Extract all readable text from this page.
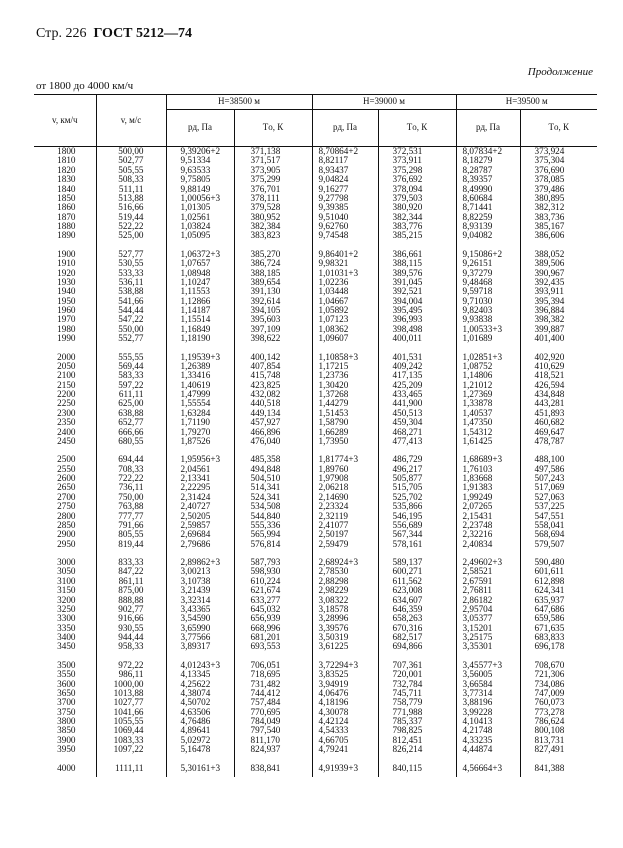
Стр. 226 ГОСТ 5212—74
Продолжение
от 1800 до 4000 км/ч
v, км/ч	v, м/с	H=38500 м		H=39000 м		H=39500 м	
		pд, Па	Tо, К	pд, Па	Tо, К	pд, Па	Tо, К
1800	500,00	9,39206+2	371,138	8,70864+2	372,531	8,07834+2	373,924
1810	502,77	9,51334	371,517	8,82117	373,911	8,18279	375,304
1820	505,55	9,63533	373,905	8,93437	375,298	8,28787	376,690
1830	508,33	9,75805	375,299	9,04824	376,692	8,39357	378,085
1840	511,11	9,88149	376,701	9,16277	378,094	8,49990	379,486
1850	513,88	1,00056+3	378,111	9,27798	379,503	8,60684	380,895
1860	516,66	1,01305	379,528	9,39385	380,920	8,71441	382,312
1870	519,44	1,02561	380,952	9,51040	382,344	8,82259	383,736
1880	522,22	1,03824	382,384	9,62760	383,776	8,93139	385,167
1890	525,00	1,05095	383,823	9,74548	385,215	9,04082	386,606

1900	527,77	1,06372+3	385,270	9,86401+2	386,661	9,15086+2	388,052
1910	530,55	1,07657	386,724	9,98321	388,115	9,26151	389,506
1920	533,33	1,08948	388,185	1,01031+3	389,576	9,37279	390,967
1930	536,11	1,10247	389,654	1,02236	391,045	9,48468	392,435
1940	538,88	1,11553	391,130	1,03448	392,521	9,59718	393,911
1950	541,66	1,12866	392,614	1,04667	394,004	9,71030	395,394
1960	544,44	1,14187	394,105	1,05892	395,495	9,82403	396,884
1970	547,22	1,15514	395,603	1,07123	396,993	9,93838	398,382
1980	550,00	1,16849	397,109	1,08362	398,498	1,00533+3	399,887
1990	552,77	1,18190	398,622	1,09607	400,011	1,01689	401,400

2000	555,55	1,19539+3	400,142	1,10858+3	401,531	1,02851+3	402,920
2050	569,44	1,26389	407,854	1,17215	409,242	1,08752	410,629
2100	583,33	1,33416	415,748	1,23736	417,135	1,14806	418,521
2150	597,22	1,40619	423,825	1,30420	425,209	1,21012	426,594
2200	611,11	1,47999	432,082	1,37268	433,465	1,27369	434,848
2250	625,00	1,55554	440,518	1,44279	441,900	1,33878	443,281
2300	638,88	1,63284	449,134	1,51453	450,513	1,40537	451,893
2350	652,77	1,71190	457,927	1,58790	459,304	1,47350	460,682
2400	666,66	1,79270	466,896	1,66289	468,271	1,54312	469,647
2450	680,55	1,87526	476,040	1,73950	477,413	1,61425	478,787

2500	694,44	1,95956+3	485,358	1,81774+3	486,729	1,68689+3	488,100
2550	708,33	2,04561	494,848	1,89760	496,217	1,76103	497,586
2600	722,22	2,13341	504,510	1,97908	505,877	1,83668	507,243
2650	736,11	2,22295	514,341	2,06218	515,705	1,91383	517,069
2700	750,00	2,31424	524,341	2,14690	525,702	1,99249	527,063
2750	763,88	2,40727	534,508	2,23324	535,866	2,07265	537,225
2800	777,77	2,50205	544,840	2,32119	546,195	2,15431	547,551
2850	791,66	2,59857	555,336	2,41077	556,689	2,23748	558,041
2900	805,55	2,69684	565,994	2,50197	567,344	2,32216	568,694
2950	819,44	2,79686	576,814	2,59479	578,161	2,40834	579,507

3000	833,33	2,89862+3	587,793	2,68924+3	589,137	2,49602+3	590,480
3050	847,22	3,00213	598,930	2,78530	600,271	2,58521	601,611
3100	861,11	3,10738	610,224	2,88298	611,562	2,67591	612,898
3150	875,00	3,21439	621,674	2,98229	623,008	2,76811	624,341
3200	888,88	3,32314	633,277	3,08322	634,607	2,86182	635,937
3250	902,77	3,43365	645,032	3,18578	646,359	2,95704	647,686
3300	916,66	3,54590	656,939	3,28996	658,263	3,05377	659,586
3350	930,55	3,65990	668,996	3,39576	670,316	3,15201	671,635
3400	944,44	3,77566	681,201	3,50319	682,517	3,25175	683,833
3450	958,33	3,89317	693,553	3,61225	694,866	3,35301	696,178

3500	972,22	4,01243+3	706,051	3,72294+3	707,361	3,45577+3	708,670
3550	986,11	4,13345	718,695	3,83525	720,001	3,56005	721,306
3600	1000,00	4,25622	731,482	3,94919	732,784	3,66584	734,086
3650	1013,88	4,38074	744,412	4,06476	745,711	3,77314	747,009
3700	1027,77	4,50702	757,484	4,18196	758,779	3,88196	760,073
3750	1041,66	4,63506	770,695	4,30078	771,988	3,99228	773,278
3800	1055,55	4,76486	784,049	4,42124	785,337	4,10413	786,624
3850	1069,44	4,89641	797,540	4,54333	798,825	4,21748	800,108
3900	1083,33	5,02972	811,170	4,66705	812,451	4,33235	813,731
3950	1097,22	5,16478	824,937	4,79241	826,214	4,44874	827,491

4000	1111,11	5,30161+3	838,841	4,91939+3	840,115	4,56664+3	841,388
